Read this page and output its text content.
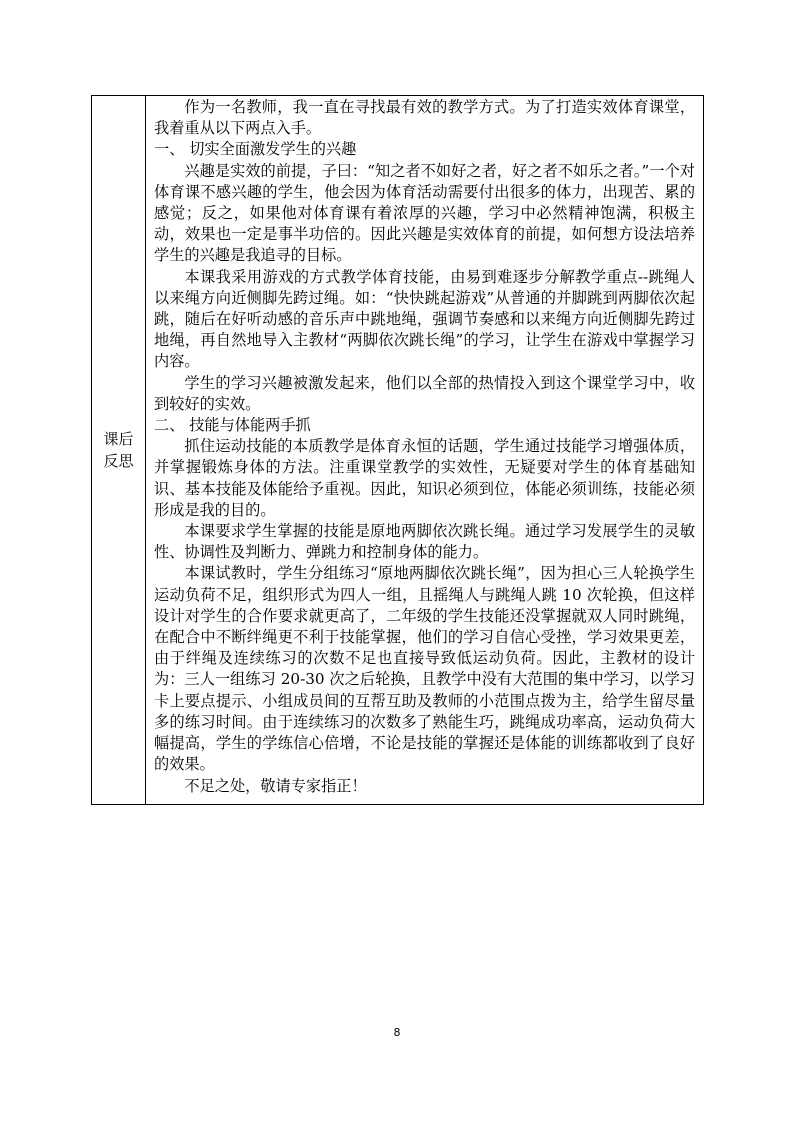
课后反思	

作为一名教师，我一直在寻找最有效的教学方式。为了打造实效体育课堂，我着重从以下两点入手。

一、 切实全面激发学生的兴趣

兴趣是实效的前提，子曰：“知之者不如好之者，好之者不如乐之者。”一个对体育课不感兴趣的学生，他会因为体育活动需要付出很多的体力，出现苦、累的感觉；反之，如果他对体育课有着浓厚的兴趣，学习中必然精神饱满，积极主动，效果也一定是事半功倍的。因此兴趣是实效体育的前提，如何想方设法培养学生的兴趣是我追寻的目标。

本课我采用游戏的方式教学体育技能，由易到难逐步分解教学重点--跳绳人以来绳方向近侧脚先跨过绳。如：“快快跳起游戏”从普通的并脚跳到两脚依次起跳，随后在好听动感的音乐声中跳地绳，强调节奏感和以来绳方向近侧脚先跨过地绳，再自然地导入主教材“两脚依次跳长绳”的学习，让学生在游戏中掌握学习内容。

学生的学习兴趣被激发起来，他们以全部的热情投入到这个课堂学习中，收到较好的实效。

二、 技能与体能两手抓

抓住运动技能的本质教学是体育永恒的话题，学生通过技能学习增强体质，并掌握锻炼身体的方法。注重课堂教学的实效性，无疑要对学生的体育基础知识、基本技能及体能给予重视。因此，知识必须到位，体能必须训练，技能必须形成是我的目的。

本课要求学生掌握的技能是原地两脚依次跳长绳。通过学习发展学生的灵敏性、协调性及判断力、弹跳力和控制身体的能力。

本课试教时，学生分组练习“原地两脚依次跳长绳”，因为担心三人轮换学生运动负荷不足，组织形式为四人一组，且摇绳人与跳绳人跳 10 次轮换，但这样设计对学生的合作要求就更高了，二年级的学生技能还没掌握就双人同时跳绳，在配合中不断绊绳更不利于技能掌握，他们的学习自信心受挫，学习效果更差，由于绊绳及连续练习的次数不足也直接导致低运动负荷。因此，主教材的设计为：三人一组练习 20-30 次之后轮换，且教学中没有大范围的集中学习，以学习卡上要点提示、小组成员间的互帮互助及教师的小范围点拨为主，给学生留尽量多的练习时间。由于连续练习的次数多了熟能生巧，跳绳成功率高，运动负荷大幅提高，学生的学练信心倍增，不论是技能的掌握还是体能的训练都收到了良好的效果。

不足之处，敬请专家指正！

8
